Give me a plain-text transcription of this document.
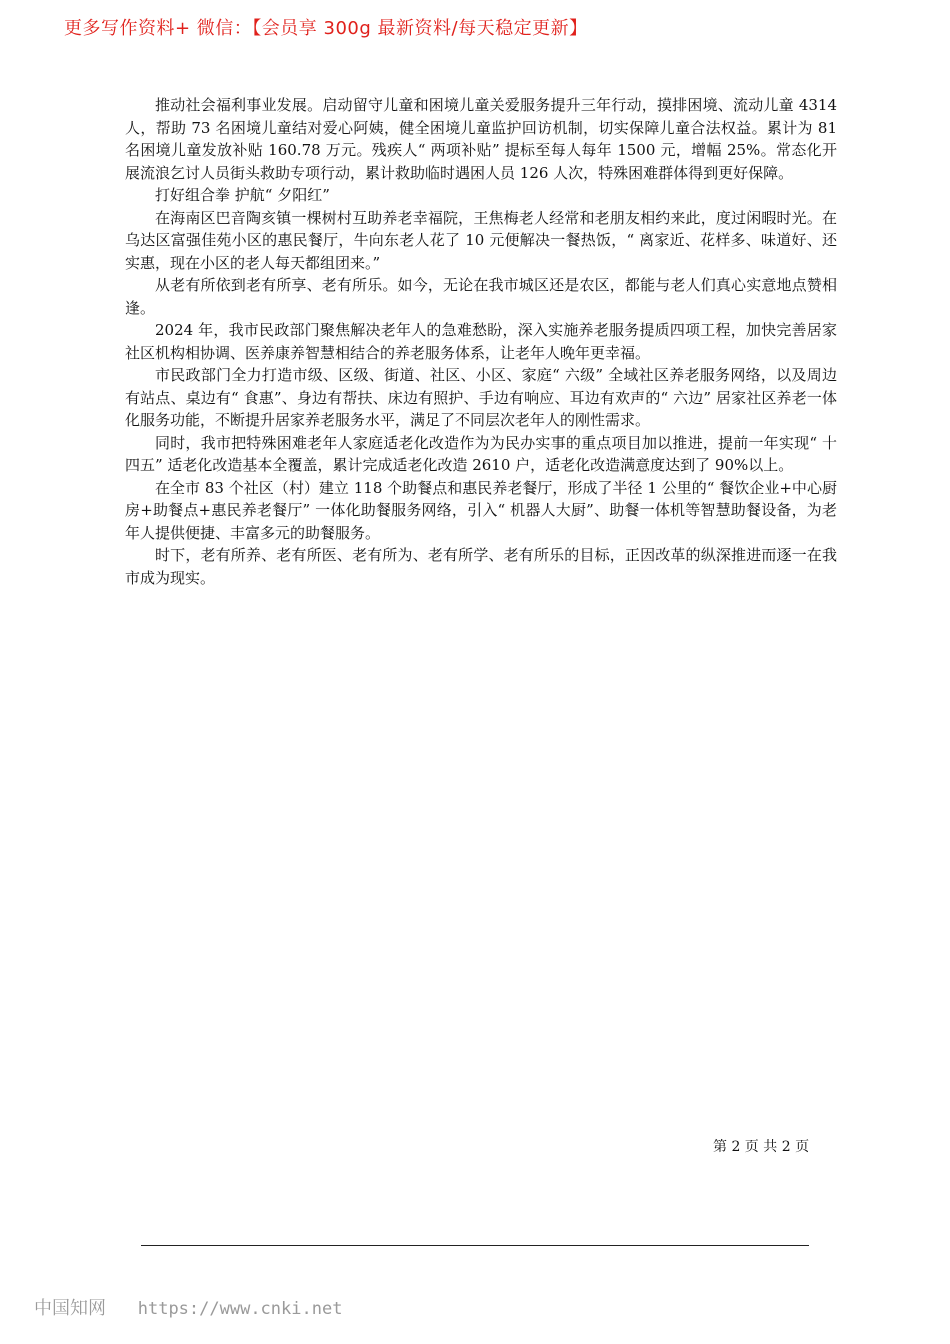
更多写作资料+ 微信：【会员享 300g 最新资料/每天稳定更新】

推动社会福利事业发展。启动留守儿童和困境儿童关爱服务提升三年行动，摸排困境、流动儿童 4314 人，帮助 73 名困境儿童结对爱心阿姨，健全困境儿童监护回访机制，切实保障儿童合法权益。累计为 81 名困境儿童发放补贴 160.78 万元。残疾人“ 两项补贴” 提标至每人每年 1500 元，增幅 25%。常态化开展流浪乞讨人员街头救助专项行动，累计救助临时遇困人员 126 人次，特殊困难群体得到更好保障。

打好组合拳 护航“ 夕阳红”

在海南区巴音陶亥镇一棵树村互助养老幸福院，王焦梅老人经常和老朋友相约来此，度过闲暇时光。在乌达区富强佳苑小区的惠民餐厅，牛向东老人花了 10 元便解决一餐热饭，“ 离家近、花样多、味道好、还实惠，现在小区的老人每天都组团来。”

从老有所依到老有所享、老有所乐。如今，无论在我市城区还是农区，都能与老人们真心实意地点赞相逢。

2024 年，我市民政部门聚焦解决老年人的急难愁盼，深入实施养老服务提质四项工程，加快完善居家社区机构相协调、医养康养智慧相结合的养老服务体系，让老年人晚年更幸福。

市民政部门全力打造市级、区级、街道、社区、小区、家庭“ 六级” 全域社区养老服务网络，以及周边有站点、桌边有“ 食惠”、身边有帮扶、床边有照护、手边有响应、耳边有欢声的“ 六边” 居家社区养老一体化服务功能，不断提升居家养老服务水平，满足了不同层次老年人的刚性需求。

同时，我市把特殊困难老年人家庭适老化改造作为为民办实事的重点项目加以推进，提前一年实现“ 十四五” 适老化改造基本全覆盖，累计完成适老化改造 2610 户，适老化改造满意度达到了 90%以上。

在全市 83 个社区（村）建立 118 个助餐点和惠民养老餐厅，形成了半径 1 公里的“ 餐饮企业+中心厨房+助餐点+惠民养老餐厅” 一体化助餐服务网络，引入“ 机器人大厨”、助餐一体机等智慧助餐设备，为老年人提供便捷、丰富多元的助餐服务。

时下，老有所养、老有所医、老有所为、老有所学、老有所乐的目标，正因改革的纵深推进而逐一在我市成为现实。

第 2 页 共 2 页
中国知网 https://www.cnki.net
